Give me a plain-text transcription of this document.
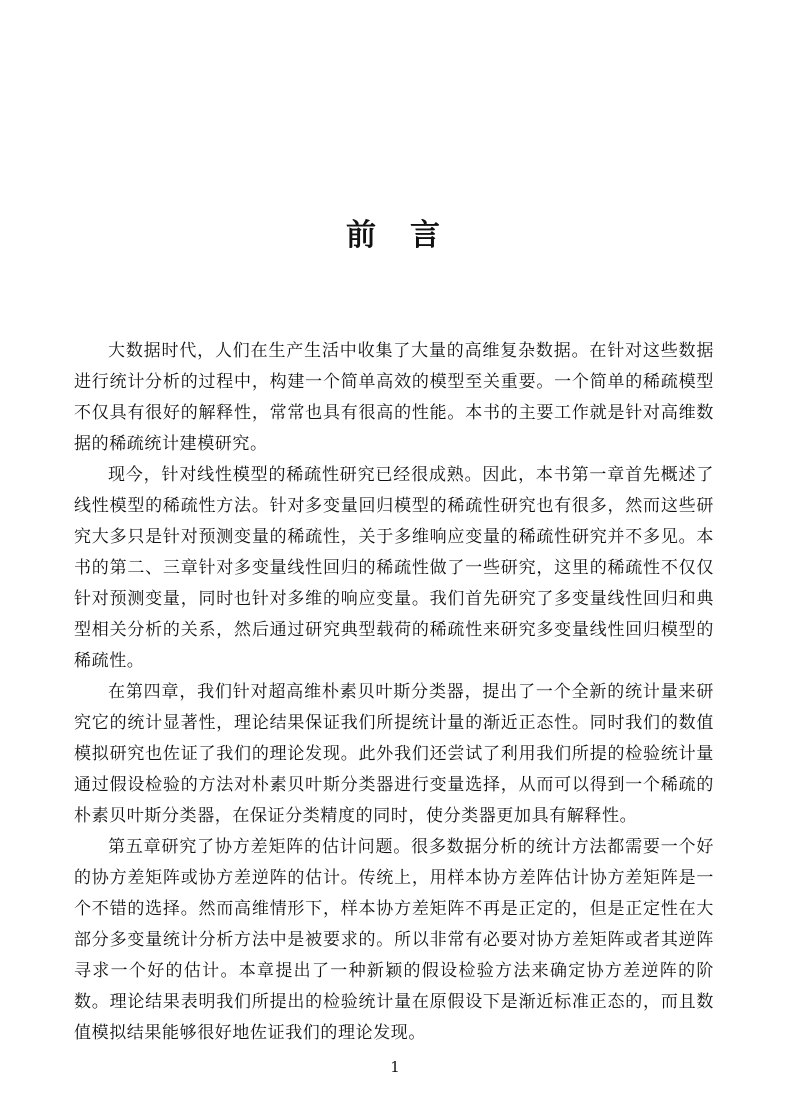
前 言

大数据时代，人们在生产生活中收集了大量的高维复杂数据。在针对这些数据进行统计分析的过程中，构建一个简单高效的模型至关重要。一个简单的稀疏模型不仅具有很好的解释性，常常也具有很高的性能。本书的主要工作就是针对高维数据的稀疏统计建模研究。

现今，针对线性模型的稀疏性研究已经很成熟。因此，本书第一章首先概述了线性模型的稀疏性方法。针对多变量回归模型的稀疏性研究也有很多，然而这些研究大多只是针对预测变量的稀疏性，关于多维响应变量的稀疏性研究并不多见。本书的第二、三章针对多变量线性回归的稀疏性做了一些研究，这里的稀疏性不仅仅针对预测变量，同时也针对多维的响应变量。我们首先研究了多变量线性回归和典型相关分析的关系，然后通过研究典型载荷的稀疏性来研究多变量线性回归模型的稀疏性。

在第四章，我们针对超高维朴素贝叶斯分类器，提出了一个全新的统计量来研究它的统计显著性，理论结果保证我们所提统计量的渐近正态性。同时我们的数值模拟研究也佐证了我们的理论发现。此外我们还尝试了利用我们所提的检验统计量通过假设检验的方法对朴素贝叶斯分类器进行变量选择，从而可以得到一个稀疏的朴素贝叶斯分类器，在保证分类精度的同时，使分类器更加具有解释性。

第五章研究了协方差矩阵的估计问题。很多数据分析的统计方法都需要一个好的协方差矩阵或协方差逆阵的估计。传统上，用样本协方差阵估计协方差矩阵是一个不错的选择。然而高维情形下，样本协方差矩阵不再是正定的，但是正定性在大部分多变量统计分析方法中是被要求的。所以非常有必要对协方差矩阵或者其逆阵寻求一个好的估计。本章提出了一种新颖的假设检验方法来确定协方差逆阵的阶数。理论结果表明我们所提出的检验统计量在原假设下是渐近标准正态的，而且数值模拟结果能够很好地佐证我们的理论发现。

1
